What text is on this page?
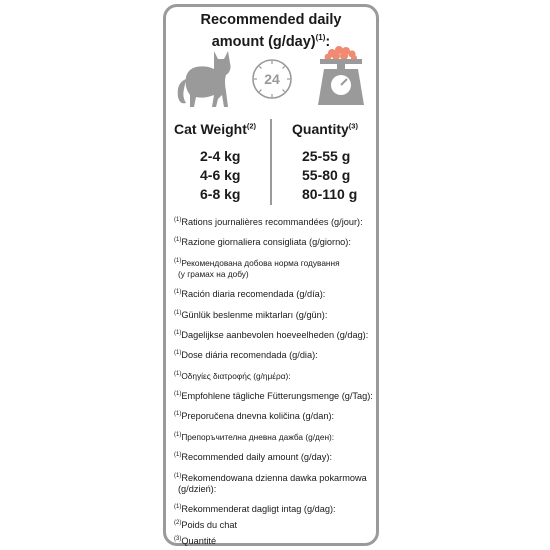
Recommended daily
amount $(g/day)^{(1)}$:
24
Cat Weight$^{(2)}$	Quantity$^{(3)}$
2-4 kg
4-6 kg
6-8 kg
25-55 g
55-80 g
80-110 g
$^{(1)}$Rations journalières recommandées (g/jour):
$^{(1)}$Razione giornaliera consigliata (g/giorno):
$^{(1)}$Рекомендована добова норма годування
(у грамах на добу)
$^{(1)}$Ración diaria recomendada (g/día):
$^{(1)}$Günlük beslenme miktarları (g/gün):
$^{(1)}$Dagelijkse aanbevolen hoeveelheden (g/dag):
$^{(1)}$Dose diária recomendada (g/dia):
$^{(1)}$Οδηγίες διατροφής (g/ημέρα):
$^{(1)}$Empfohlene tägliche Fütterungsmenge (g/Tag):
$^{(1)}$Preporučena dnevna količina (g/dan):
$^{(1)}$Препоръчителна дневна дажба (g/ден):
$^{(1)}$Recommended daily amount (g/day):
$^{(1)}$Rekomendowana dzienna dawka pokarmowa
(g/dzień):
$^{(1)}$Rekommenderat dagligt intag (g/dag):
$^{(2)}$Poids du chat
$^{(3)}$Quantité
